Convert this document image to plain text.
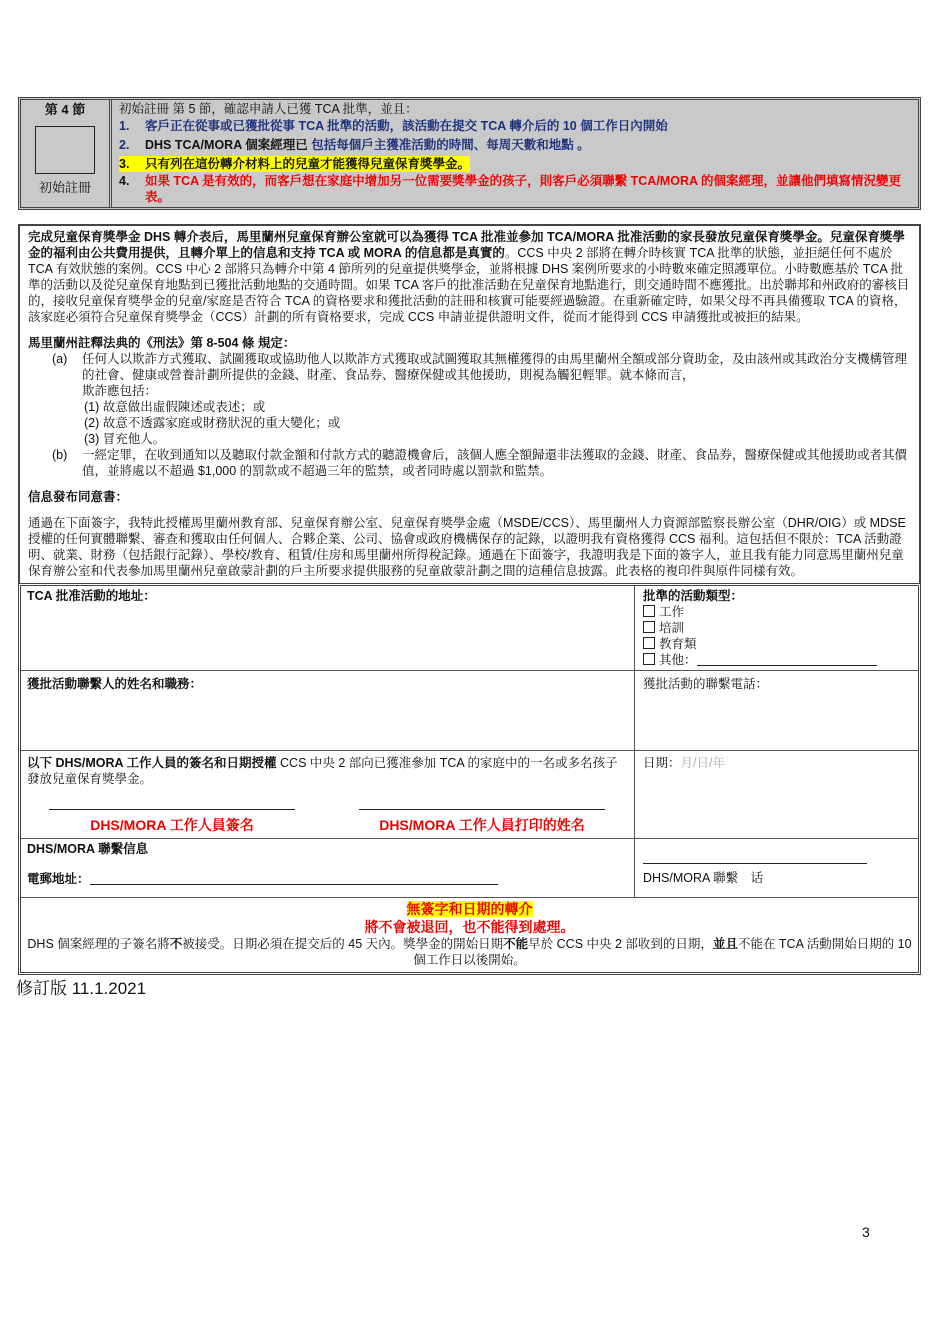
第 4 節
初始註冊
初始註冊 第 5 節，確認申請人已獲 TCA 批準，並且：
1.	客戶正在從事或已獲批從事 TCA 批準的活動，該活動在提交 TCA 轉介后的 10 個工作日內開始
2.	DHS TCA/MORA 個案經理已 包括每個戶主獲准活動的時間、每周天數和地點 。
3. 只有列在這份轉介材料上的兒童才能獲得兒童保育獎學金。
4.	如果 TCA 是有效的，而客戶想在家庭中增加另一位需要獎學金的孩子，則客戶必須聯繫 TCA/MORA 的個案經理，並讓他們填寫情況變更表。

完成兒童保育獎學金 DHS 轉介表后，馬里蘭州兒童保育辦公室就可以為獲得 TCA 批准並參加 TCA/MORA 批准活動的家長發放兒童保育獎學金。兒童保育獎學金的福利由公共費用提供，且轉介單上的信息和支持 TCA 或 MORA 的信息都是真實的。CCS 中央 2 部將在轉介時核實 TCA 批準的狀態，並拒絕任何不處於 TCA 有效狀態的案例。CCS 中心 2 部將只為轉介中第 4 節所列的兒童提供獎學金，並將根據 DHS 案例所要求的小時數來確定照護單位。小時數應基於 TCA 批準的活動以及從兒童保育地點到已獲批活動地點的交通時間。如果 TCA 客戶的批准活動在兒童保育地點進行，則交通時間不應獲批。出於聯邦和州政府的審核目的，接收兒童保育獎學金的兒童/家庭是否符合 TCA 的資格要求和獲批活動的註冊和核實可能要經過驗證。在重新確定時，如果父母不再具備獲取 TCA 的資格，該家庭必須符合兒童保育獎學金（CCS）計劃的所有資格要求，完成 CCS 申請並提供證明文件，從而才能得到 CCS 申請獲批或被拒的結果。

馬里蘭州註釋法典的《刑法》第 8-504 條 規定：

(a)	任何人以欺詐方式獲取、試圖獲取或協助他人以欺詐方式獲取或試圖獲取其無權獲得的由馬里蘭州全額或部分資助金，及由該州或其政治分支機構管理的社會、健康或營養計劃所提供的金錢、財產、食品券、醫療保健或其他援助，則視為觸犯輕罪。就本條而言，
欺詐應包括：
(1) 故意做出虛假陳述或表述；或
(2) 故意不透露家庭或財務狀況的重大變化；或
(3) 冒充他人。
(b)	一經定罪，在收到通知以及聽取付款金額和付款方式的聽證機會后，該個人應全額歸還非法獲取的金錢、財產、食品券，醫療保健或其他援助或者其價值，並將處以不超過 $1,000 的罰款或不超過三年的監禁，或者同時處以罰款和監禁。

信息發布同意書：

通過在下面簽字，我特此授權馬里蘭州教育部、兒童保育辦公室、兒童保育獎學金處（MSDE/CCS）、馬里蘭州人力資源部監察長辦公室（DHR/OIG）或 MDSE 授權的任何實體聯繫、審查和獲取由任何個人、合夥企業、公司、協會或政府機構保存的記錄，以證明我有資格獲得 CCS 福利。這包括但不限於：TCA 活動證明、就業、財務（包括銀行記錄）、學校/教育、租賃/住房和馬里蘭州所得稅記錄。通過在下面簽字，我證明我是下面的簽字人，並且我有能力同意馬里蘭州兒童保育辦公室和代表參加馬里蘭州兒童啟蒙計劃的戶主所要求提供服務的兒童啟蒙計劃之間的這種信息披露。此表格的複印件與原件同樣有效。

TCA 批准活動的地址：	批準的活動類型：
工作
培訓
教育類
其他：
獲批活動聯繫人的姓名和職務：	獲批活動的聯繫電話：
以下 DHS/MORA 工作人員的簽名和日期授權 CCS 中央 2 部向已獲准參加 TCA 的家庭中的一名或多名孩子發放兒童保育獎學金。
DHS/MORA 工作人員簽名	DHS/MORA 工作人員打印的姓名
日期：月/日/年
DHS/MORA 聯繫信息
電郵地址：	DHS/MORA 聯繫　话
無簽字和日期的轉介
將不會被退回，也不能得到處理。
DHS 個案經理的子簽名將不被接受。日期必須在提交后的 45 天內。獎學金的開始日期不能早於 CCS 中央 2 部收到的日期，並且不能在 TCA 活動開始日期的 10 個工作日以後開始。
修訂版 11.1.2021
3
